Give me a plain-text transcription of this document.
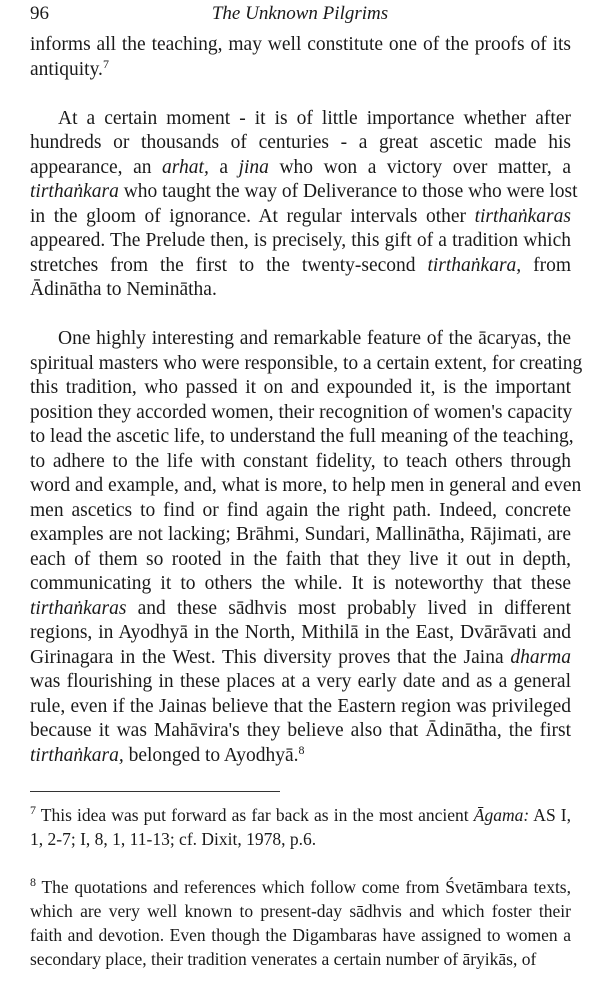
96	The Unknown Pilgrims
informs all the teaching, may well constitute one of the proofs of its
antiquity.$^7$
At a certain moment - it is of little importance whether after
hundreds or thousands of centuries - a great ascetic made his
appearance, an arhat, a jina who won a victory over matter, a
tirthaṅkara who taught the way of Deliverance to those who were lost
in the gloom of ignorance. At regular intervals other tirthaṅkaras
appeared. The Prelude then, is precisely, this gift of a tradition which
stretches from the first to the twenty-second tirthaṅkara, from
Ādinātha to Neminātha.
One highly interesting and remarkable feature of the ācaryas, the
spiritual masters who were responsible, to a certain extent, for creating
this tradition, who passed it on and expounded it, is the important
position they accorded women, their recognition of women's capacity
to lead the ascetic life, to understand the full meaning of the teaching,
to adhere to the life with constant fidelity, to teach others through
word and example, and, what is more, to help men in general and even
men ascetics to find or find again the right path. Indeed, concrete
examples are not lacking; Brāhmi, Sundari, Mallinātha, Rājimati, are
each of them so rooted in the faith that they live it out in depth,
communicating it to others the while. It is noteworthy that these
tirthaṅkaras and these sādhvis most probably lived in different
regions, in Ayodhyā in the North, Mithilā in the East, Dvārāvati and
Girinagara in the West. This diversity proves that the Jaina dharma
was flourishing in these places at a very early date and as a general
rule, even if the Jainas believe that the Eastern region was privileged
because it was Mahāvira's they believe also that Ādinātha, the first
tirthaṅkara, belonged to Ayodhyā.$^8$
$^7$ This idea was put forward as far back as in the most ancient Āgama: AS I,
1, 2-7; I, 8, 1, 11-13; cf. Dixit, 1978, p.6.
$^8$ The quotations and references which follow come from Śvetāmbara texts,
which are very well known to present-day sādhvis and which foster their
faith and devotion. Even though the Digambaras have assigned to women a
secondary place, their tradition venerates a certain number of āryikās, of
